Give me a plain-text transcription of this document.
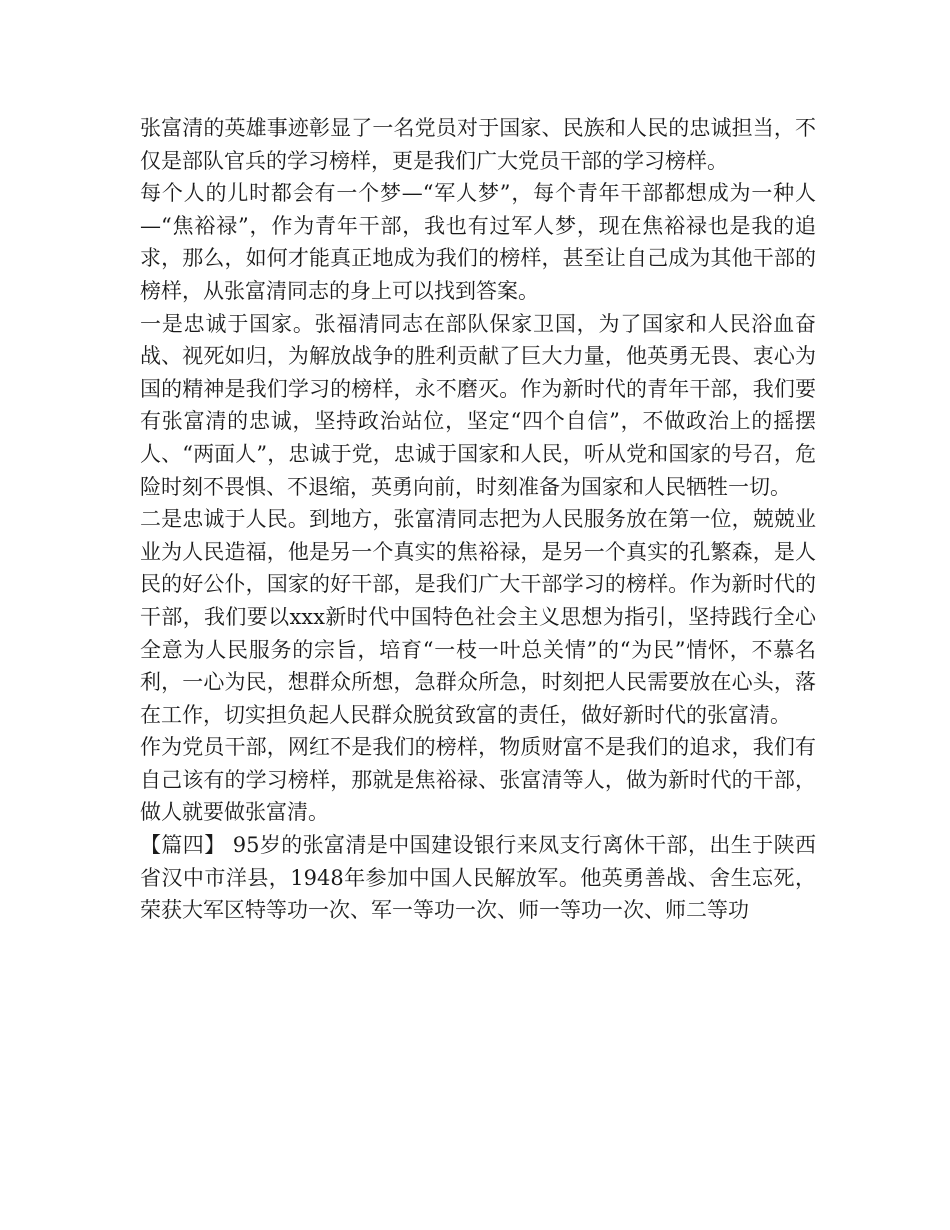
张富清的英雄事迹彰显了一名党员对于国家、民族和人民的忠诚担当，不仅是部队官兵的学习榜样，更是我们广大党员干部的学习榜样。

每个人的儿时都会有一个梦—“军人梦”，每个青年干部都想成为一种人—“焦裕禄”，作为青年干部，我也有过军人梦，现在焦裕禄也是我的追求，那么，如何才能真正地成为我们的榜样，甚至让自己成为其他干部的榜样，从张富清同志的身上可以找到答案。

一是忠诚于国家。张福清同志在部队保家卫国，为了国家和人民浴血奋战、视死如归，为解放战争的胜利贡献了巨大力量，他英勇无畏、衷心为国的精神是我们学习的榜样，永不磨灭。作为新时代的青年干部，我们要有张富清的忠诚，坚持政治站位，坚定“四个自信”，不做政治上的摇摆人、“两面人”，忠诚于党，忠诚于国家和人民，听从党和国家的号召，危险时刻不畏惧、不退缩，英勇向前，时刻准备为国家和人民牺牲一切。

二是忠诚于人民。到地方，张富清同志把为人民服务放在第一位，兢兢业业为人民造福，他是另一个真实的焦裕禄，是另一个真实的孔繁森，是人民的好公仆，国家的好干部，是我们广大干部学习的榜样。作为新时代的干部，我们要以xxx新时代中国特色社会主义思想为指引，坚持践行全心全意为人民服务的宗旨，培育“一枝一叶总关情”的“为民”情怀，不慕名利，一心为民，想群众所想，急群众所急，时刻把人民需要放在心头，落在工作，切实担负起人民群众脱贫致富的责任，做好新时代的张富清。

作为党员干部，网红不是我们的榜样，物质财富不是我们的追求，我们有自己该有的学习榜样，那就是焦裕禄、张富清等人，做为新时代的干部，做人就要做张富清。

【篇四】 95岁的张富清是中国建设银行来凤支行离休干部，出生于陕西省汉中市洋县，1948年参加中国人民解放军。他英勇善战、舍生忘死，荣获大军区特等功一次、军一等功一次、师一等功一次、师二等功
